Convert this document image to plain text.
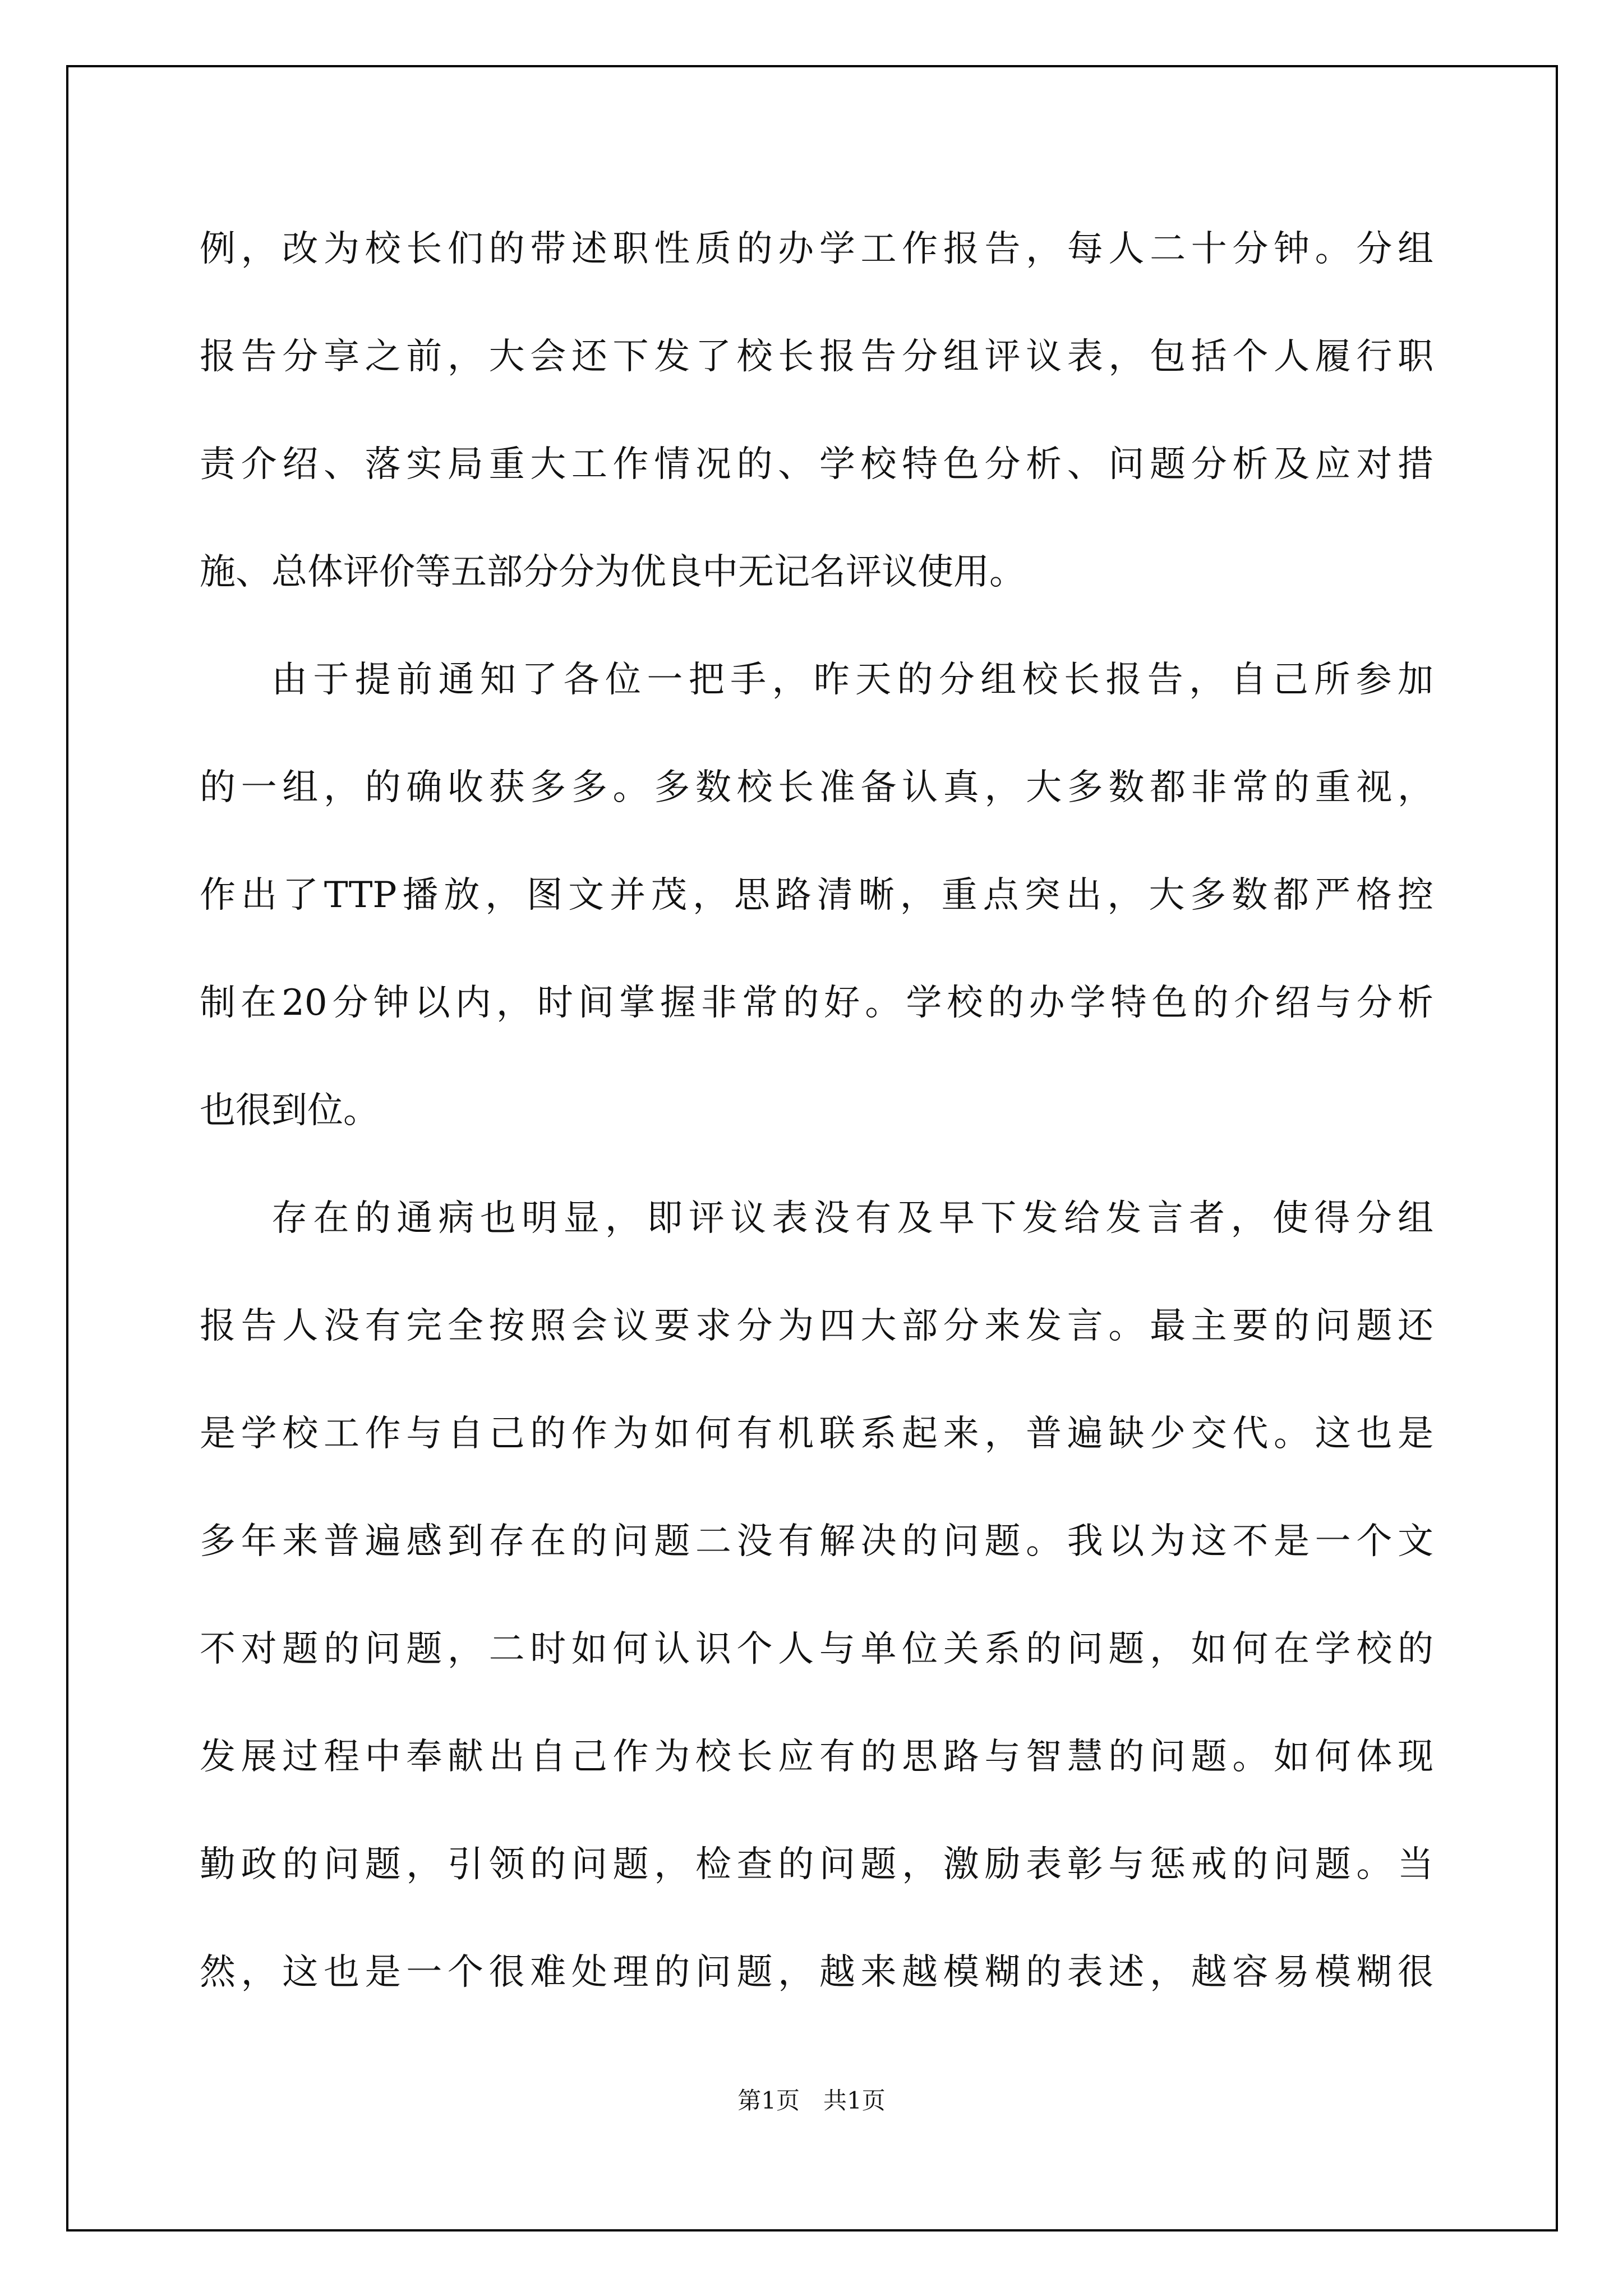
例，改为校长们的带述职性质的办学工作报告，每人二十分钟。分组
报告分享之前，大会还下发了校长报告分组评议表，包括个人履行职
责介绍、落实局重大工作情况的、学校特色分析、问题分析及应对措
施、总体评价等五部分分为优良中无记名评议使用。
由于提前通知了各位一把手，昨天的分组校长报告，自己所参加
的一组，的确收获多多。多数校长准备认真，大多数都非常的重视，
作出了TTP播放，图文并茂，思路清晰，重点突出，大多数都严格控
制在20分钟以内，时间掌握非常的好。学校的办学特色的介绍与分析
也很到位。
存在的通病也明显，即评议表没有及早下发给发言者，使得分组
报告人没有完全按照会议要求分为四大部分来发言。最主要的问题还
是学校工作与自己的作为如何有机联系起来，普遍缺少交代。这也是
多年来普遍感到存在的问题二没有解决的问题。我以为这不是一个文
不对题的问题，二时如何认识个人与单位关系的问题，如何在学校的
发展过程中奉献出自己作为校长应有的思路与智慧的问题。如何体现
勤政的问题，引领的问题，检查的问题，激励表彰与惩戒的问题。当
然，这也是一个很难处理的问题，越来越模糊的表述，越容易模糊很
第1页　共1页
